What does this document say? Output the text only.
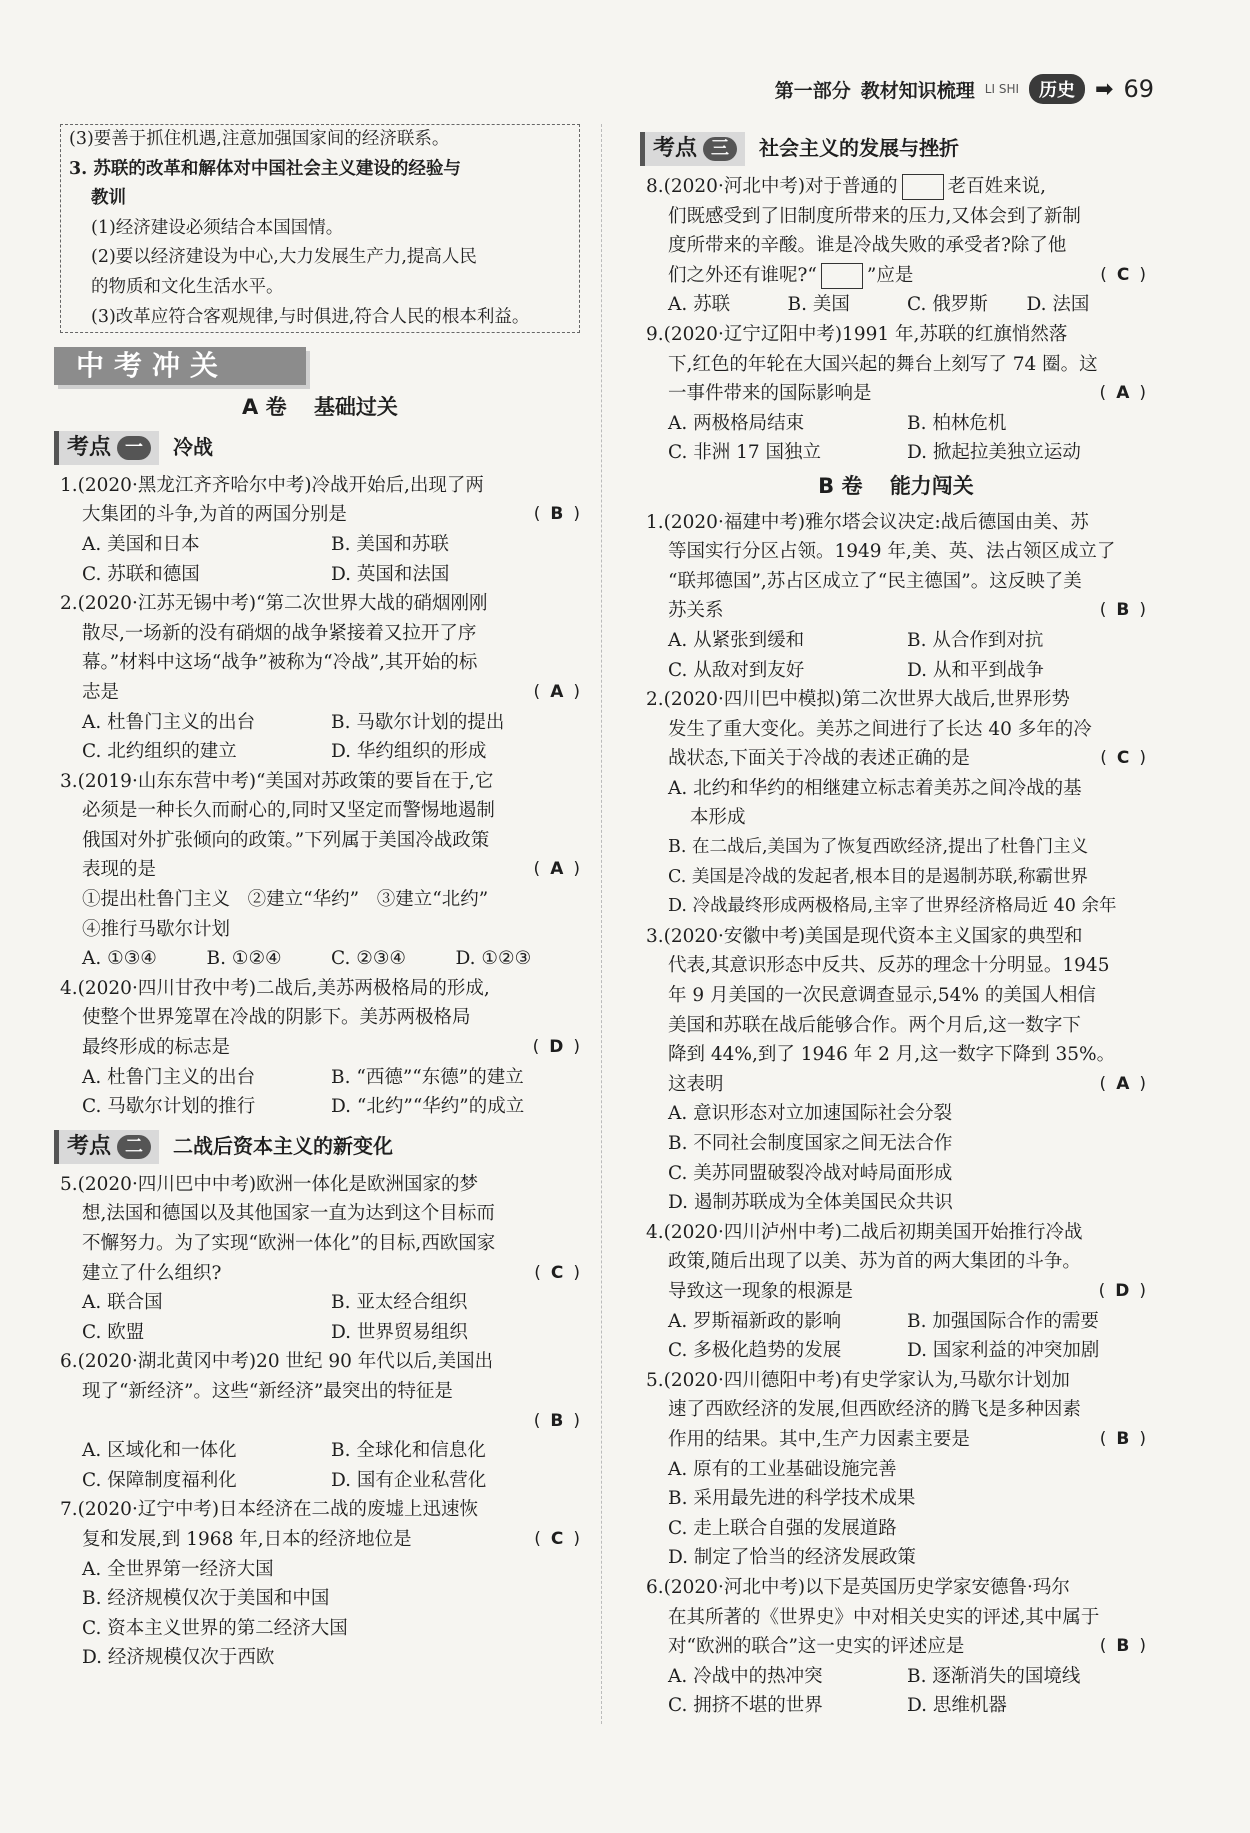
第一部分 教材知识梳理 LI SHI	历史 ➡ 69
(3)要善于抓住机遇,注意加强国家间的经济联系。
3. 苏联的改革和解体对中国社会主义建设的经验与
教训
(1)经济建设必须结合本国国情。
(2)要以经济建设为中心,大力发展生产力,提高人民
的物质和文化生活水平。
(3)改革应符合客观规律,与时俱进,符合人民的根本利益。
中考冲关
A 卷 基础过关
考点 一	冷战
1.(2020·黑龙江齐齐哈尔中考)冷战开始后,出现了两
大集团的斗争,为首的两国分别是	( B )
A. 美国和日本	B. 美国和苏联
C. 苏联和德国	D. 英国和法国
2.(2020·江苏无锡中考)“第二次世界大战的硝烟刚刚
散尽,一场新的没有硝烟的战争紧接着又拉开了序
幕。”材料中这场“战争”被称为“冷战”,其开始的标
志是	( A )
A. 杜鲁门主义的出台	B. 马歇尔计划的提出
C. 北约组织的建立	D. 华约组织的形成
3.(2019·山东东营中考)“美国对苏政策的要旨在于,它
必须是一种长久而耐心的,同时又坚定而警惕地遏制
俄国对外扩张倾向的政策。”下列属于美国冷战政策
表现的是	( A )
①提出杜鲁门主义 ②建立“华约” ③建立“北约”
④推行马歇尔计划
A. ①③④	B. ①②④	C. ②③④	D. ①②③
4.(2020·四川甘孜中考)二战后,美苏两极格局的形成,
使整个世界笼罩在冷战的阴影下。美苏两极格局
最终形成的标志是	( D )
A. 杜鲁门主义的出台	B. “西德”“东德”的建立
C. 马歇尔计划的推行	D. “北约”“华约”的成立
考点 二	二战后资本主义的新变化
5.(2020·四川巴中中考)欧洲一体化是欧洲国家的梦
想,法国和德国以及其他国家一直为达到这个目标而
不懈努力。为了实现“欧洲一体化”的目标,西欧国家
建立了什么组织?	( C )
A. 联合国	B. 亚太经合组织
C. 欧盟	D. 世界贸易组织
6.(2020·湖北黄冈中考)20 世纪 90 年代以后,美国出
现了“新经济”。这些“新经济”最突出的特征是

( B )
A. 区域化和一体化	B. 全球化和信息化
C. 保障制度福利化	D. 国有企业私营化
7.(2020·辽宁中考)日本经济在二战的废墟上迅速恢
复和发展,到 1968 年,日本的经济地位是	( C )
A. 全世界第一经济大国
B. 经济规模仅次于美国和中国
C. 资本主义世界的第二经济大国
D. 经济规模仅次于西欧
考点 三	社会主义的发展与挫折
8.(2020·河北中考)对于普通的	老百姓来说,
们既感受到了旧制度所带来的压力,又体会到了新制
度所带来的辛酸。谁是冷战失败的承受者?除了他
们之外还有谁呢?“	”应是	( C )
A. 苏联	B. 美国	C. 俄罗斯	D. 法国
9.(2020·辽宁辽阳中考)1991 年,苏联的红旗悄然落
下,红色的年轮在大国兴起的舞台上刻写了 74 圈。这
一事件带来的国际影响是	( A )
A. 两极格局结束	B. 柏林危机
C. 非洲 17 国独立	D. 掀起拉美独立运动
B 卷 能力闯关
1.(2020·福建中考)雅尔塔会议决定:战后德国由美、苏
等国实行分区占领。1949 年,美、英、法占领区成立了
“联邦德国”,苏占区成立了“民主德国”。这反映了美
苏关系	( B )
A. 从紧张到缓和	B. 从合作到对抗
C. 从敌对到友好	D. 从和平到战争
2.(2020·四川巴中模拟)第二次世界大战后,世界形势
发生了重大变化。美苏之间进行了长达 40 多年的冷
战状态,下面关于冷战的表述正确的是	( C )
A. 北约和华约的相继建立标志着美苏之间冷战的基
本形成
B. 在二战后,美国为了恢复西欧经济,提出了杜鲁门主义
C. 美国是冷战的发起者,根本目的是遏制苏联,称霸世界
D. 冷战最终形成两极格局,主宰了世界经济格局近 40 余年
3.(2020·安徽中考)美国是现代资本主义国家的典型和
代表,其意识形态中反共、反苏的理念十分明显。1945
年 9 月美国的一次民意调查显示,54% 的美国人相信
美国和苏联在战后能够合作。两个月后,这一数字下
降到 44%,到了 1946 年 2 月,这一数字下降到 35%。
这表明	( A )
A. 意识形态对立加速国际社会分裂
B. 不同社会制度国家之间无法合作
C. 美苏同盟破裂冷战对峙局面形成
D. 遏制苏联成为全体美国民众共识
4.(2020·四川泸州中考)二战后初期美国开始推行冷战
政策,随后出现了以美、苏为首的两大集团的斗争。
导致这一现象的根源是	( D )
A. 罗斯福新政的影响	B. 加强国际合作的需要
C. 多极化趋势的发展	D. 国家利益的冲突加剧
5.(2020·四川德阳中考)有史学家认为,马歇尔计划加
速了西欧经济的发展,但西欧经济的腾飞是多种因素
作用的结果。其中,生产力因素主要是	( B )
A. 原有的工业基础设施完善
B. 采用最先进的科学技术成果
C. 走上联合自强的发展道路
D. 制定了恰当的经济发展政策
6.(2020·河北中考)以下是英国历史学家安德鲁·玛尔
在其所著的《世界史》中对相关史实的评述,其中属于
对“欧洲的联合”这一史实的评述应是	( B )
A. 冷战中的热冲突	B. 逐渐消失的国境线
C. 拥挤不堪的世界	D. 思维机器
